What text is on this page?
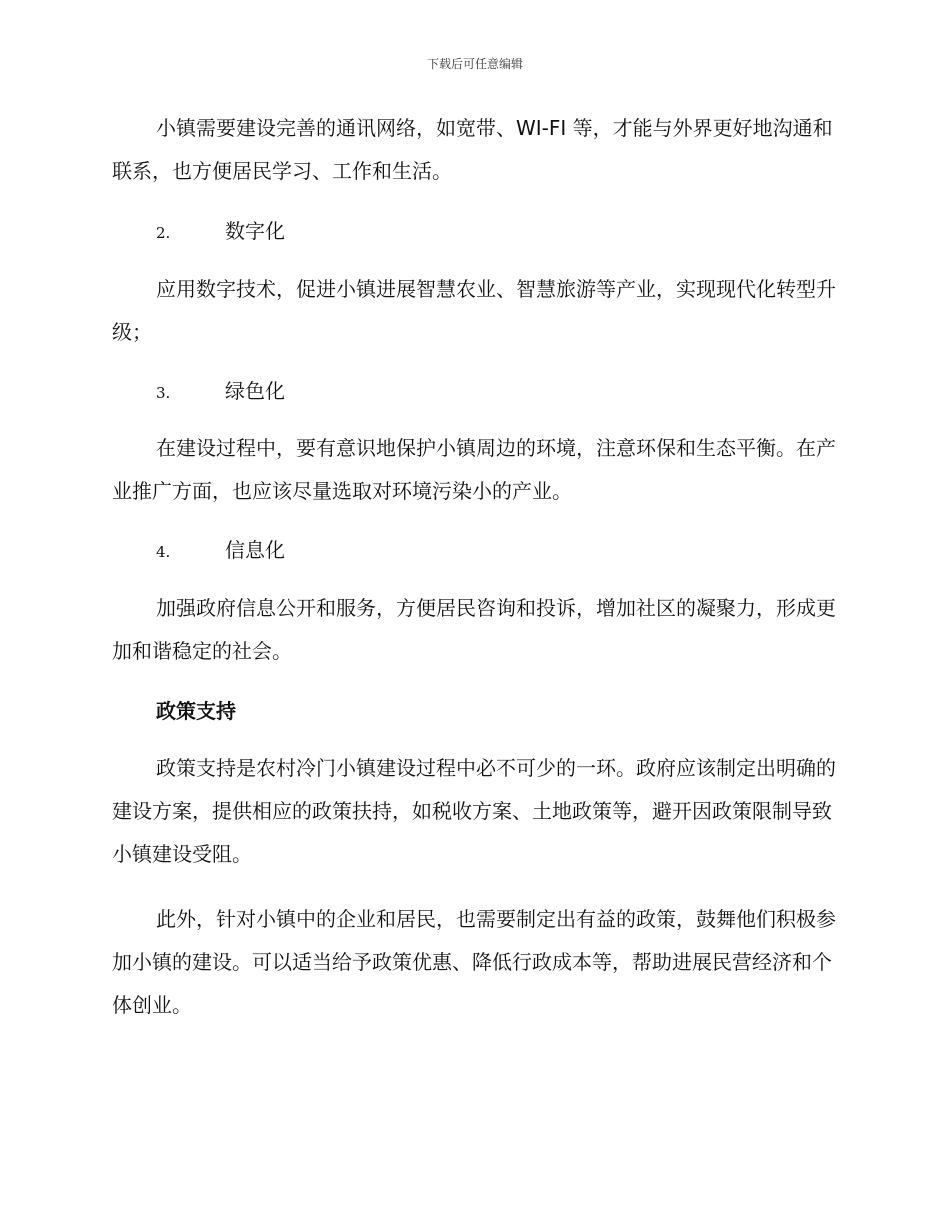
下载后可任意编辑

小镇需要建设完善的通讯网络，如宽带、WI-FI 等，才能与外界更好地沟通和联系，也方便居民学习、工作和生活。

2.	数字化

应用数字技术，促进小镇进展智慧农业、智慧旅游等产业，实现现代化转型升级；

3.	绿色化

在建设过程中，要有意识地保护小镇周边的环境，注意环保和生态平衡。在产业推广方面，也应该尽量选取对环境污染小的产业。

4.	信息化

加强政府信息公开和服务，方便居民咨询和投诉，增加社区的凝聚力，形成更加和谐稳定的社会。

政策支持

政策支持是农村冷门小镇建设过程中必不可少的一环。政府应该制定出明确的建设方案，提供相应的政策扶持，如税收方案、土地政策等，避开因政策限制导致小镇建设受阻。

此外，针对小镇中的企业和居民，也需要制定出有益的政策，鼓舞他们积极参加小镇的建设。可以适当给予政策优惠、降低行政成本等，帮助进展民营经济和个体创业。
